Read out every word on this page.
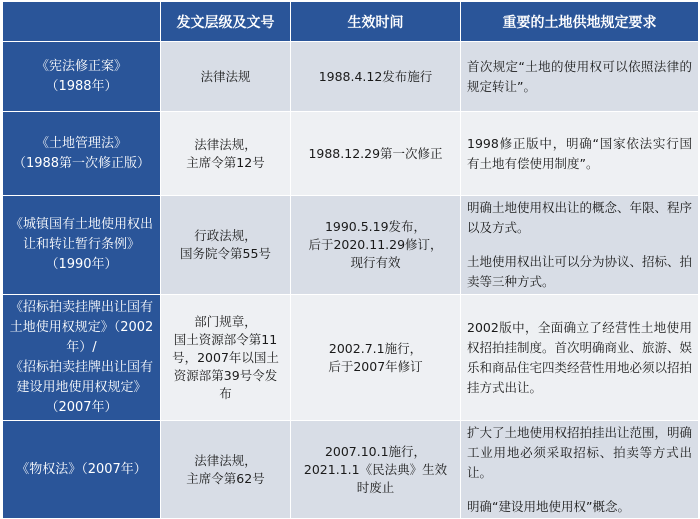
	发文层级及文号	生效时间	重要的土地供地规定要求

《宪法修正案》
（1988年）	法律法规	1988.4.12发布施行	首次规定“土地的使用权可以依照法律的规定转让”。

《土地管理法》
（1988第一次修正版）	法律法规，
主席令第12号	1988.12.29第一次修正	1998修正版中，明确“国家依法实行国有土地有偿使用制度”。

《城镇国有土地使用权出让和转让暂行条例》（1990年）	行政法规，
国务院令第55号	1990.5.19发布，
后于2020.11.29修订，
现行有效	明确土地使用权出让的概念、年限、程序以及方式。
土地使用权出让可以分为协议、招标、拍卖等三种方式。

《招标拍卖挂牌出让国有土地使用权规定》（2002年）/
《招标拍卖挂牌出让国有建设用地使用权规定》（2007年）	部门规章，
国土资源部令第11号，2007年以国土资源部第39号令发布	2002.7.1施行，
后于2007年修订	2002版中，全面确立了经营性土地使用权招拍挂制度。首次明确商业、旅游、娱乐和商品住宅四类经营性用地必须以招拍挂方式出让。

《物权法》（2007年）	法律法规，
主席令第62号	2007.10.1施行，
2021.1.1《民法典》生效时废止	扩大了土地使用权招拍挂出让范围，明确工业用地必须采取招标、拍卖等方式出让。
明确“建设用地使用权”概念。
